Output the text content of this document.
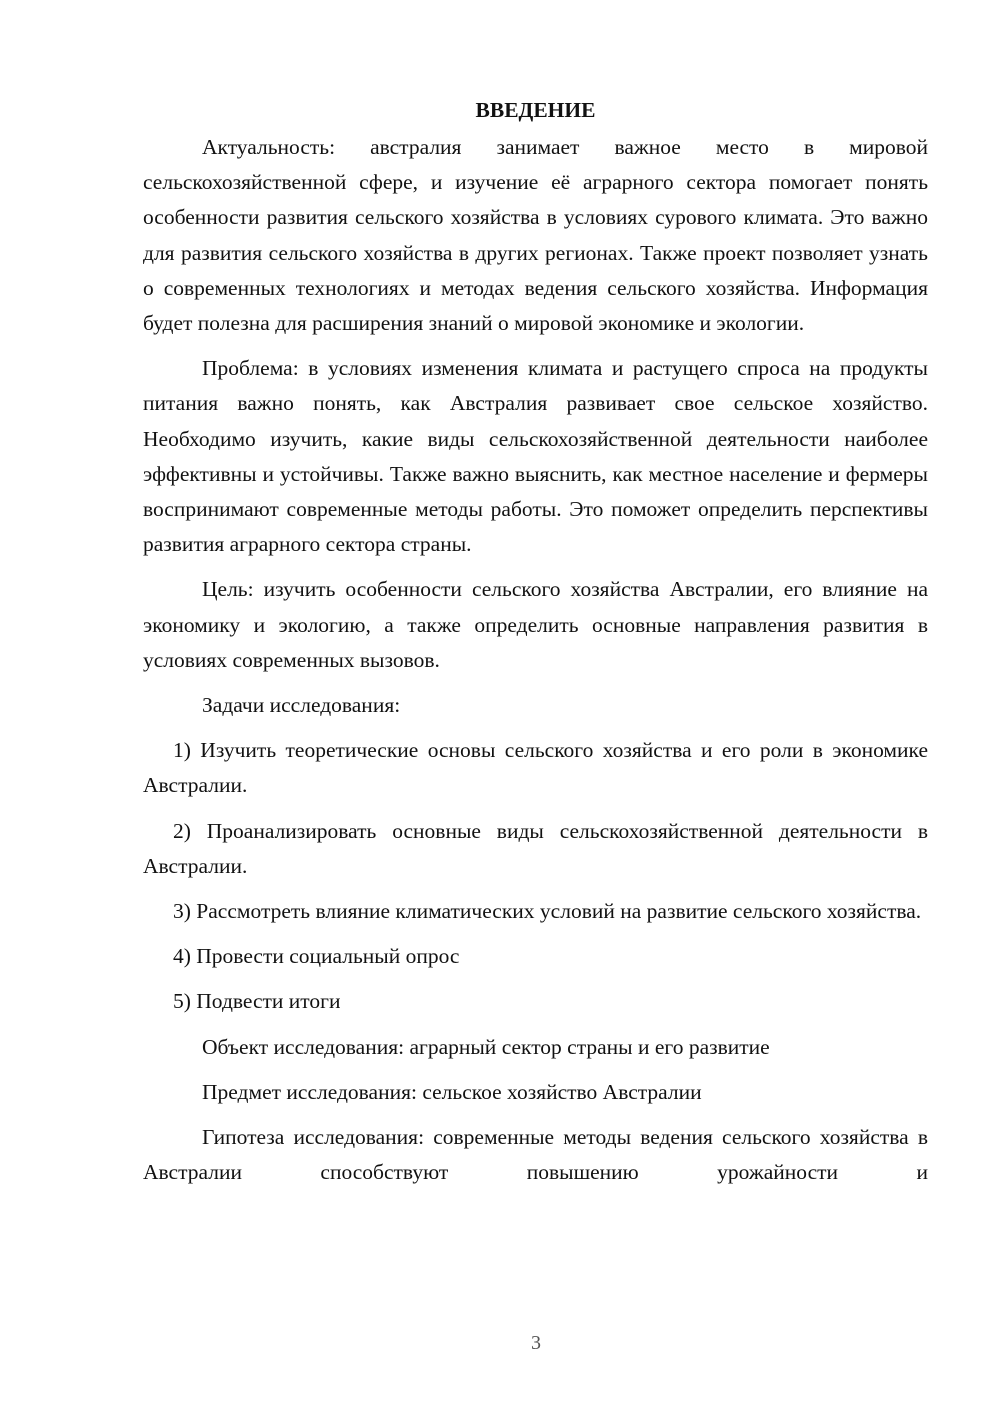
ВВЕДЕНИЕ

Актуальность: австралия занимает важное место в мировой сельскохозяйственной сфере, и изучение её аграрного сектора помогает понять особенности развития сельского хозяйства в условиях сурового климата. Это важно для развития сельского хозяйства в других регионах. Также проект позволяет узнать о современных технологиях и методах ведения сельского хозяйства. Информация будет полезна для расширения знаний о мировой экономике и экологии.

Проблема: в условиях изменения климата и растущего спроса на продукты питания важно понять, как Австралия развивает свое сельское хозяйство. Необходимо изучить, какие виды сельскохозяйственной деятельности наиболее эффективны и устойчивы. Также важно выяснить, как местное население и фермеры воспринимают современные методы работы. Это поможет определить перспективы развития аграрного сектора страны.

Цель: изучить особенности сельского хозяйства Австралии, его влияние на экономику и экологию, а также определить основные направления развития в условиях современных вызовов.

Задачи исследования:

1) Изучить теоретические основы сельского хозяйства и его роли в экономике Австралии.

2) Проанализировать основные виды сельскохозяйственной деятельности в Австралии.

3) Рассмотреть влияние климатических условий на развитие сельского хозяйства.

4) Провести социальный опрос

5) Подвести итоги

Объект исследования: аграрный сектор страны и его развитие

Предмет исследования: сельское хозяйство Австралии

Гипотеза исследования: современные методы ведения сельского хозяйства в Австралии способствуют повышению урожайности и

3
